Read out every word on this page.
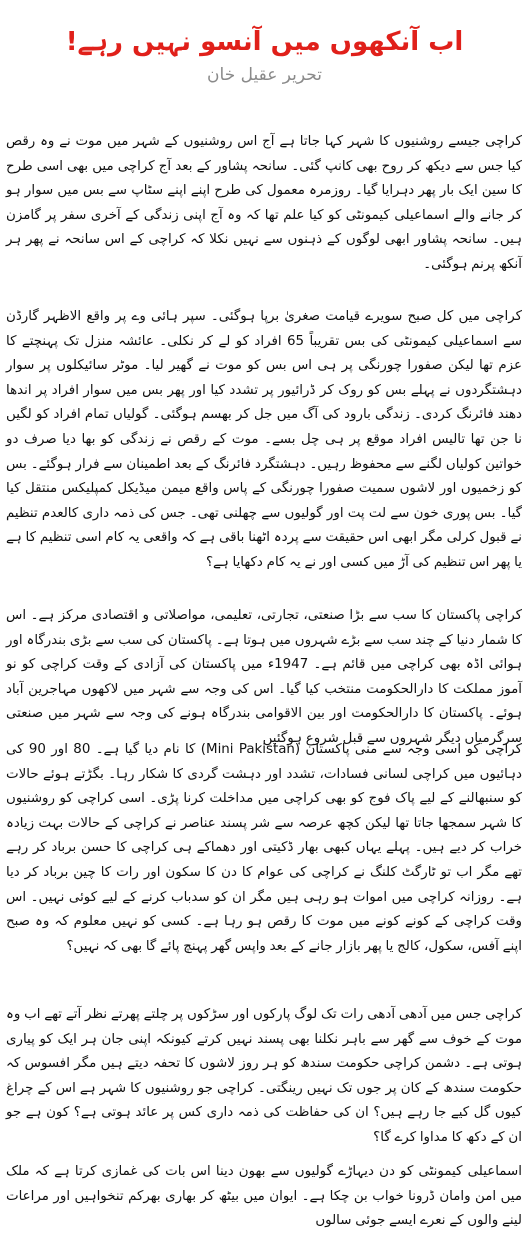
اب آنکھوں میں آنسو نہیں رہے!
تحریر عقیل خان

کراچی جیسے روشنیوں کا شہر کہا جاتا ہے آج اس روشنیوں کے شہر میں موت نے وہ رقص کیا جس سے دیکھ کر روح بھی کانپ گئی۔ سانحہ پشاور کے بعد آج کراچی میں بھی اسی طرح کا سین ایک بار پھر دہرایا گیا۔ روزمرہ معمول کی طرح اپنے اپنے سٹاپ سے بس میں سوار ہو کر جانے والے اسماعیلی کیمونٹی کو کیا علم تھا کہ وہ آج اپنی زندگی کے آخری سفر پر گامزن ہیں۔ سانحہ پشاور ابھی لوگوں کے ذہنوں سے نہیں نکلا کہ کراچی کے اس سانحہ نے پھر ہر آنکھ پرنم ہوگئی۔

کراچی میں کل صبح سویرے قیامت صغریٰ برپا ہوگئی۔ سپر ہائی وے پر واقع الاظہر گارڈن سے اسماعیلی کیمونٹی کی بس تقریباً 65 افراد کو لے کر نکلی۔ عائشہ منزل تک پہنچتے کا عزم تھا لیکن صفورا چورنگی پر ہی اس بس کو موت نے گھیر لیا۔ موٹر سائیکلوں پر سوار دہشتگردوں نے پہلے بس کو روک کر ڈرائیور پر تشدد کیا اور پھر بس میں سوار افراد پر اندھا دھند فائرنگ کردی۔ زندگی بارود کی آگ میں جل کر بھسم ہوگئی۔ گولیاں تمام افراد کو لگیں نا جن تھا تالیس افراد موقع پر ہی چل بسے۔ موت کے رقص نے زندگی کو بھا دیا صرف دو خواتین کولیاں لگنے سے محفوظ رہیں۔ دہشتگرد فائرنگ کے بعد اطمینان سے فرار ہوگئے۔ بس کو زخمیوں اور لاشوں سمیت صفورا چورنگی کے پاس واقع میمن میڈیکل کمپلیکس منتقل کیا گیا۔ بس پوری خون سے لت پت اور گولیوں سے چھلنی تھی۔ جس کی ذمہ داری کالعدم تنظیم نے قبول کرلی مگر ابھی اس حقیقت سے پردہ اٹھنا باقی ہے کہ واقعی یہ کام اسی تنظیم کا ہے یا پھر اس تنظیم کی آڑ میں کسی اور نے یہ کام دکھایا ہے؟

کراچی پاکستان کا سب سے بڑا صنعتی، تجارتی، تعلیمی، مواصلاتی و اقتصادی مرکز ہے۔ اس کا شمار دنیا کے چند سب سے بڑے شہروں میں ہوتا ہے۔ پاکستان کی سب سے بڑی بندرگاہ اور ہوائی اڈہ بھی کراچی میں قائم ہے۔ 1947ء میں پاکستان کی آزادی کے وقت کراچی کو نو آموز مملکت کا دارالحکومت منتخب کیا گیا۔ اس کی وجہ سے شہر میں لاکھوں مہاجرین آباد ہوئے۔ پاکستان کا دارالحکومت اور بین الاقوامی بندرگاہ ہونے کی وجہ سے شہر میں صنعتی سرگرمیاں دیگر شہروں سے قبل شروع ہوگئیں

کراچی کو اسی وجہ سے منی پاکستان (Mini Pakistan) کا نام دیا گیا ہے۔ 80 اور 90 کی دہائیوں میں کراچی لسانی فسادات، تشدد اور دہشت گردی کا شکار رہا۔ بگڑتے ہوئے حالات کو سنبھالنے کے لیے پاک فوج کو بھی کراچی میں مداخلت کرنا پڑی۔ اسی کراچی کو روشنیوں کا شہر سمجھا جاتا تھا لیکن کچھ عرصہ سے شر پسند عناصر نے کراچی کے حالات بہت زیادہ خراب کر دیے ہیں۔ پہلے یہاں کبھی بھار ڈکیتی اور دھماکے ہی کراچی کا حسن برباد کر رہے تھے مگر اب تو ٹارگٹ کلنگ نے کراچی کی عوام کا دن کا سکون اور رات کا چین برباد کر دیا ہے۔ روزانہ کراچی میں اموات ہو رہی ہیں مگر ان کو سدباب کرنے کے لیے کوئی نہیں۔ اس وقت کراچی کے کونے کونے میں موت کا رقص ہو رہا ہے۔ کسی کو نہیں معلوم کہ وہ صبح اپنے آفس، سکول، کالج یا پھر بازار جانے کے بعد واپس گھر پہنچ پائے گا بھی کہ نہیں؟

کراچی جس میں آدھی آدھی رات تک لوگ پارکوں اور سڑکوں پر چلتے پھرتے نظر آتے تھے اب وہ موت کے خوف سے گھر سے باہر نکلنا بھی پسند نہیں کرتے کیونکہ اپنی جان ہر ایک کو پیاری ہوتی ہے۔ دشمن کراچی حکومت سندھ کو ہر روز لاشوں کا تحفہ دیتے ہیں مگر افسوس کہ حکومت سندھ کے کان پر جوں تک نہیں رینگتی۔ کراچی جو روشنیوں کا شہر ہے اس کے چراغ کیوں گل کیے جا رہے ہیں؟ ان کی حفاظت کی ذمہ داری کس پر عائد ہوتی ہے؟ کون ہے جو ان کے دکھ کا مداوا کرے گا؟

اسماعیلی کیمونٹی کو دن دیہاڑے گولیوں سے بھون دینا اس بات کی غمازی کرتا ہے کہ ملک میں امن وامان ڈرونا خواب بن چکا ہے۔ ایوان میں بیٹھ کر بھاری بھرکم تنخواہیں اور مراعات لینے والوں کے نعرے ایسے جوئی سالوں
